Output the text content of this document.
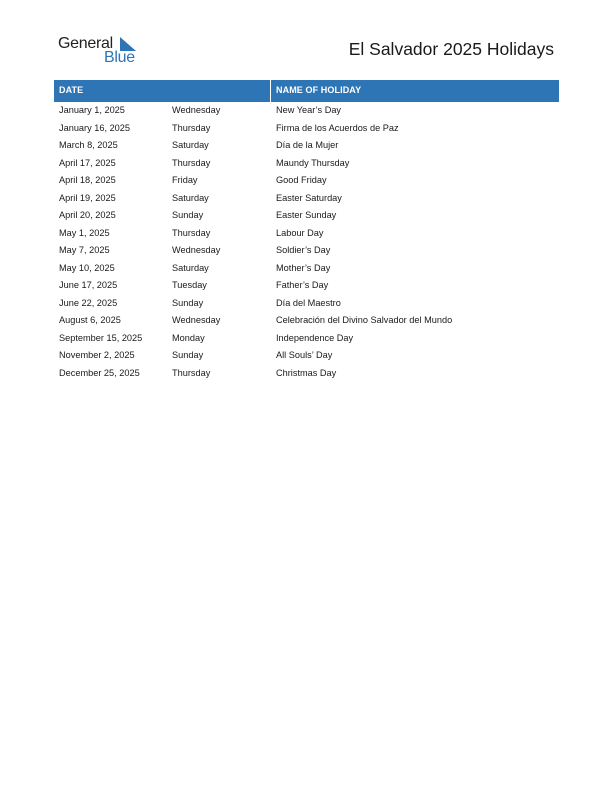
General
Blue	El Salvador 2025 Holidays
DATE	NAME OF HOLIDAY
January 1, 2025	Wednesday	New Year’s Day
January 16, 2025	Thursday	Firma de los Acuerdos de Paz
March 8, 2025	Saturday	Día de la Mujer
April 17, 2025	Thursday	Maundy Thursday
April 18, 2025	Friday	Good Friday
April 19, 2025	Saturday	Easter Saturday
April 20, 2025	Sunday	Easter Sunday
May 1, 2025	Thursday	Labour Day
May 7, 2025	Wednesday	Soldier’s Day
May 10, 2025	Saturday	Mother’s Day
June 17, 2025	Tuesday	Father’s Day
June 22, 2025	Sunday	Día del Maestro
August 6, 2025	Wednesday	Celebración del Divino Salvador del Mundo
September 15, 2025	Monday	Independence Day
November 2, 2025	Sunday	All Souls’ Day
December 25, 2025	Thursday	Christmas Day
